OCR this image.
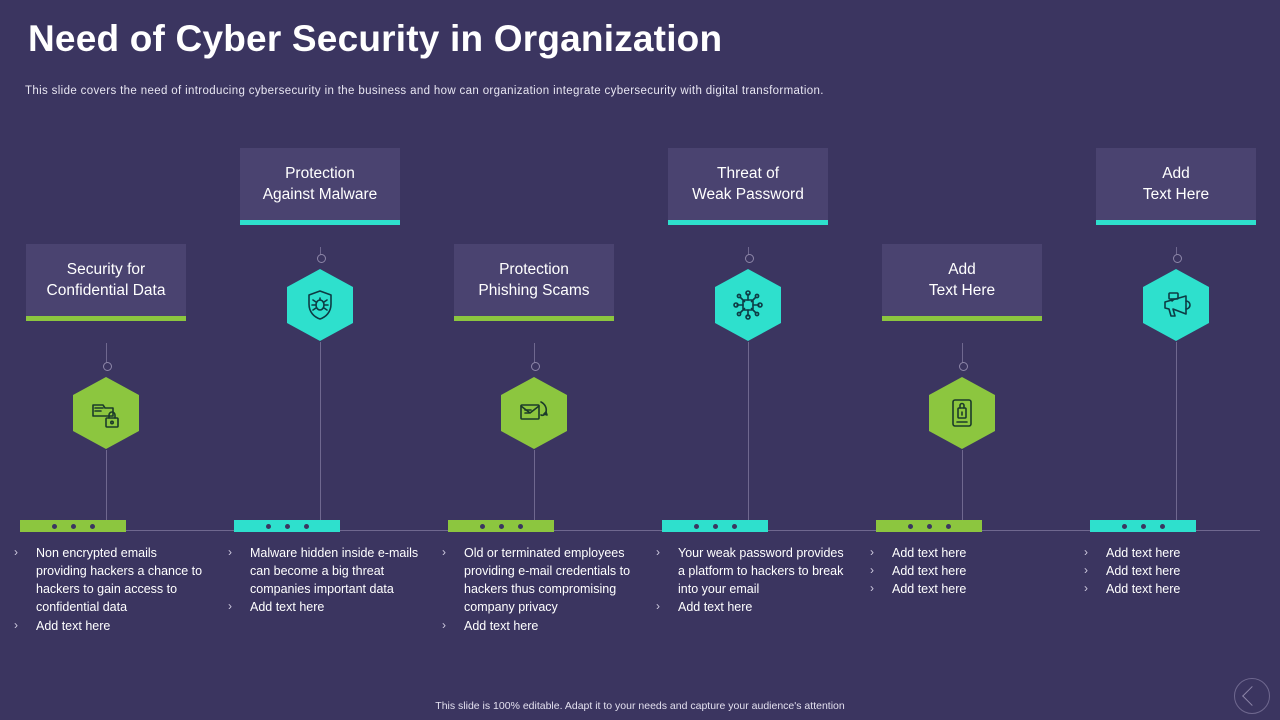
Need of Cyber Security in Organization
This slide covers the need of introducing cybersecurity in the business and how can organization integrate cybersecurity with digital transformation.
Security for
Confidential Data
›	Non encrypted emails providing hackers a chance to hackers to gain access to confidential data
›	Add text here
Protection
Against Malware
›	Malware hidden inside e-mails can become a big threat companies important data
›	Add text here
Protection
Phishing Scams
›	Old or terminated employees providing e-mail credentials to hackers thus compromising company privacy
›	Add text here
Threat of
Weak Password
›	Your weak password provides a platform to hackers to break into your email
›	Add text here
Add
Text Here
›	Add text here
›	Add text here
›	Add text here
Add
Text Here
›	Add text here
›	Add text here
›	Add text here
This slide is 100% editable. Adapt it to your needs and capture your audience's attention
